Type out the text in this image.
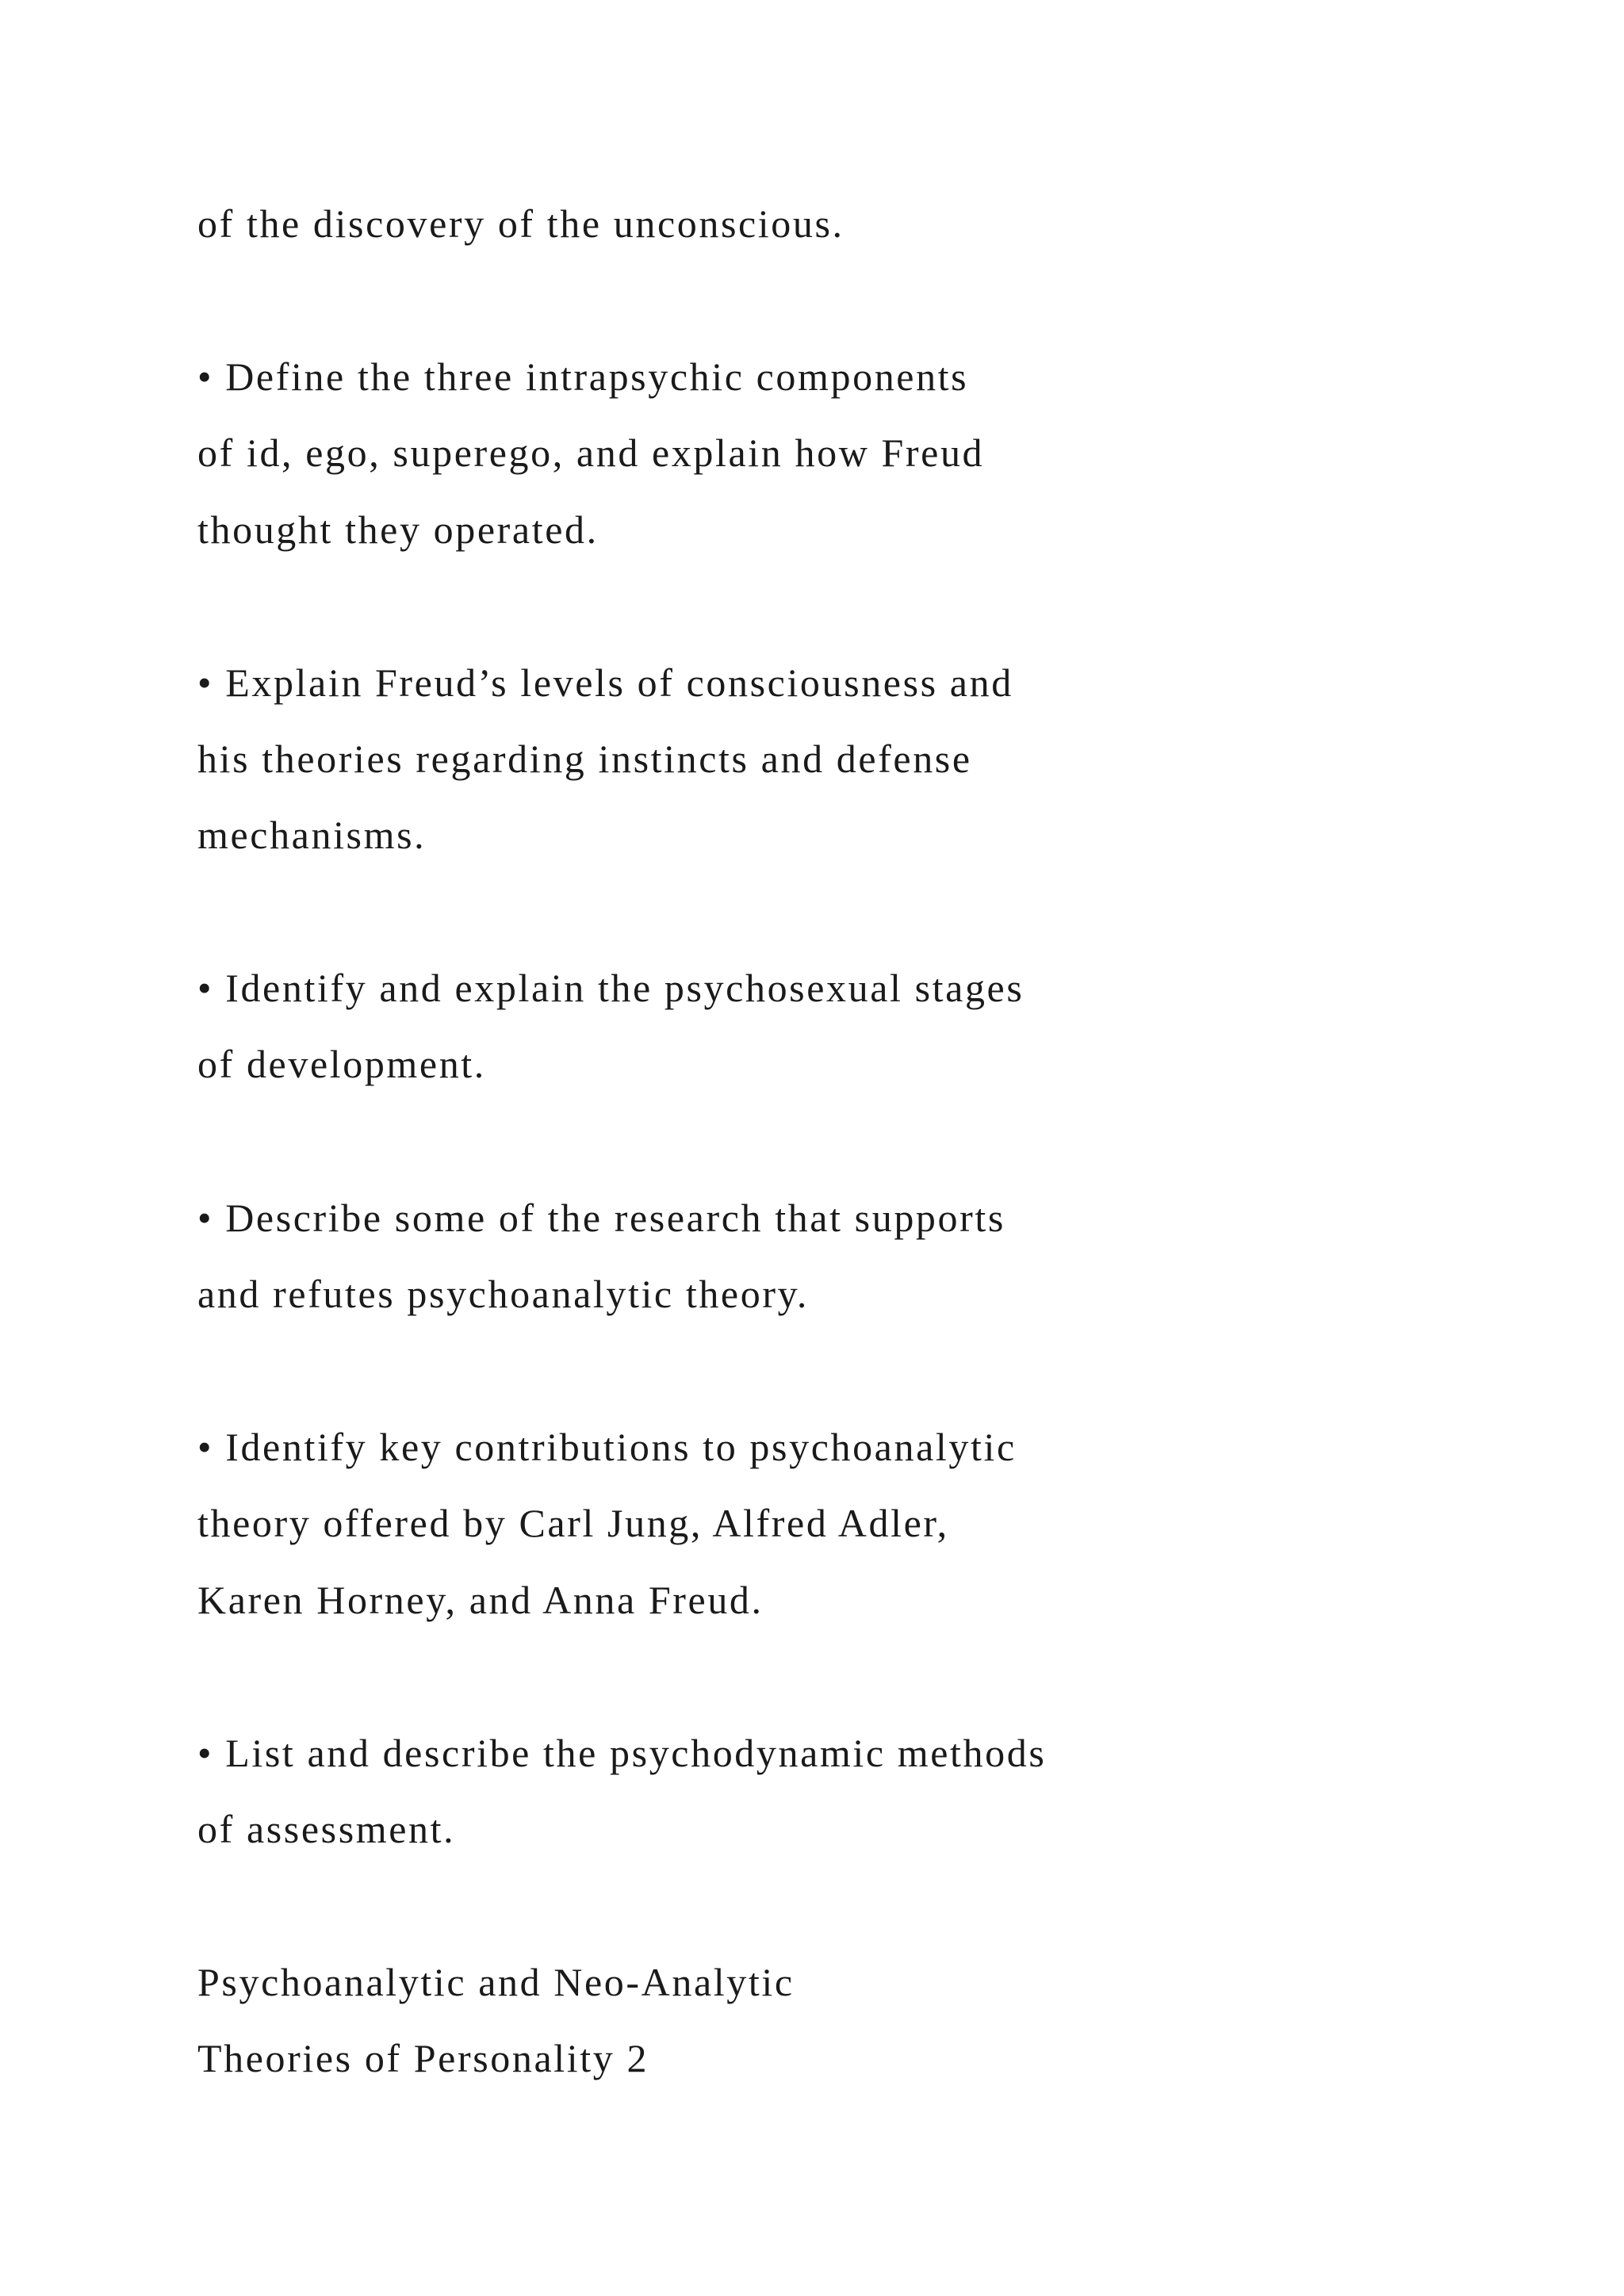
of the discovery of the unconscious.
• Define the three intrapsychic components
of id, ego, superego, and explain how Freud
thought they operated.
• Explain Freud’s levels of consciousness and
his theories regarding instincts and defense
mechanisms.
• Identify and explain the psychosexual stages
of development.
• Describe some of the research that supports
and refutes psychoanalytic theory.
• Identify key contributions to psychoanalytic
theory offered by Carl Jung, Alfred Adler,
Karen Horney, and Anna Freud.
• List and describe the psychodynamic methods
of assessment.
Psychoanalytic and Neo-Analytic
Theories of Personality 2
